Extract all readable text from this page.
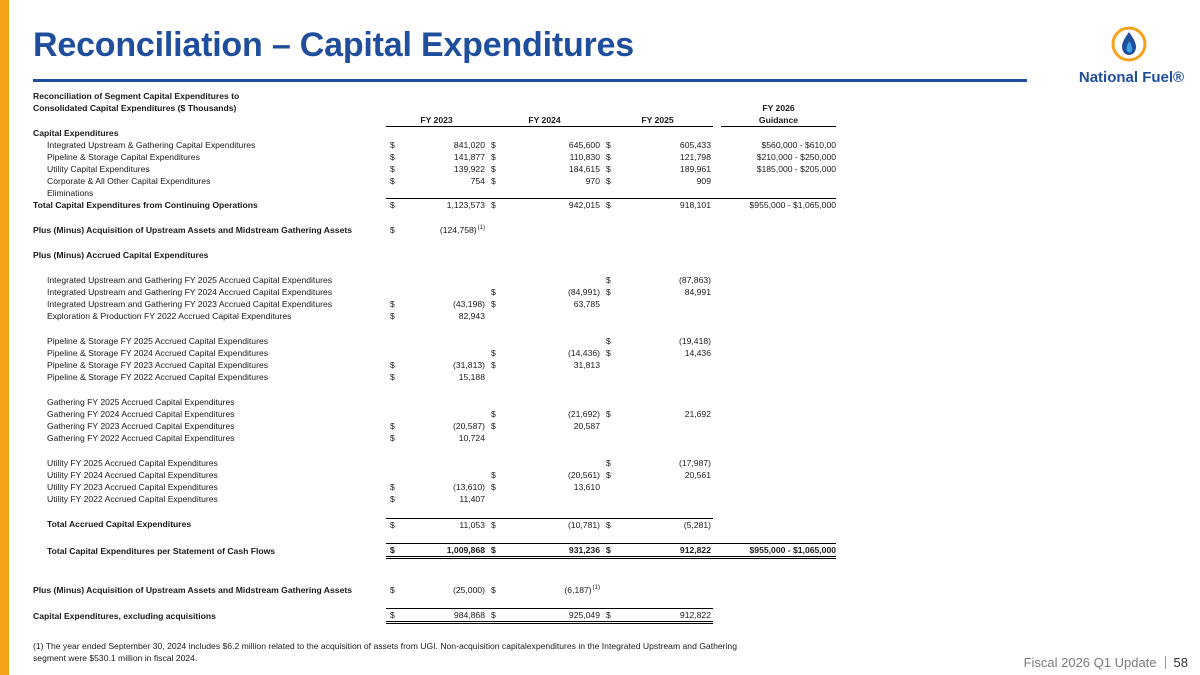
Reconciliation – Capital Expenditures
National Fuel®
Reconciliation of Segment Capital Expenditures to									
Consolidated Capital Expenditures ($ Thousands)									FY 2026
		FY 2023		FY 2024		FY 2025			Guidance
Capital Expenditures									
Integrated Upstream & Gathering Capital Expenditures		$	841,020	$	645,600	$	605,433		$560,000 - $610,00
Pipeline & Storage Capital Expenditures		$	141,877	$	110,830	$	121,798		$210,000 - $250,000
Utility Capital Expenditures		$	139,922	$	184,615	$	189,961		$185,000 - $205,000
Corporate & All Other Capital Expenditures		$	754	$	970	$	909		
Eliminations									
Total Capital Expenditures from Continuing Operations		$	1,123,573	$	942,015	$	918,101		$955,000 - $1,065,000

Plus (Minus) Acquisition of Upstream Assets and Midstream Gathering Assets		$	$(124,758)^{(1)}$	

Plus (Minus) Accrued Capital Expenditures									

Integrated Upstream and Gathering FY 2025 Accrued Capital Expenditures						$	(87,863)		
Integrated Upstream and Gathering FY 2024 Accrued Capital Expenditures				$	(84,991)	$	84,991		
Integrated Upstream and Gathering FY 2023 Accrued Capital Expenditures		$	(43,198)	$	63,785				
Exploration & Production FY 2022 Accrued Capital Expenditures		$	82,943						

Pipeline & Storage FY 2025 Accrued Capital Expenditures						$	(19,418)		
Pipeline & Storage FY 2024 Accrued Capital Expenditures				$	(14,436)	$	14,436		
Pipeline & Storage FY 2023 Accrued Capital Expenditures		$	(31,813)	$	31,813				
Pipeline & Storage FY 2022 Accrued Capital Expenditures		$	15,188						

Gathering FY 2025 Accrued Capital Expenditures									
Gathering FY 2024 Accrued Capital Expenditures				$	(21,692)	$	21,692		
Gathering FY 2023 Accrued Capital Expenditures		$	(20,587)	$	20,587				
Gathering FY 2022 Accrued Capital Expenditures		$	10,724						

Utility FY 2025 Accrued Capital Expenditures						$	(17,987)		
Utility FY 2024 Accrued Capital Expenditures				$	(20,561)	$	20,561		
Utility FY 2023 Accrued Capital Expenditures		$	(13,610)	$	13,610				
Utility FY 2022 Accrued Capital Expenditures		$	11,407						

Total Accrued Capital Expenditures		$	11,053	$	(10,781)	$	(5,281)		

Total Capital Expenditures per Statement of Cash Flows		$	1,009,868	$	931,236	$	912,822		$955,000 - $1,065,000

Plus (Minus) Acquisition of Upstream Assets and Midstream Gathering Assets		$	(25,000)	$	$(6,187)^{(1)}$	

Capital Expenditures, excluding acquisitions		$	984,868	$	925,049	$	912,822		
(1) The year ended September 30, 2024 includes $6.2 million related to the acquisition of assets from UGI. Non-acquisition capitalexpenditures in the Integrated Upstream and Gathering
segment were $530.1 million in fiscal 2024.	Fiscal 2026 Q1 Update 58
